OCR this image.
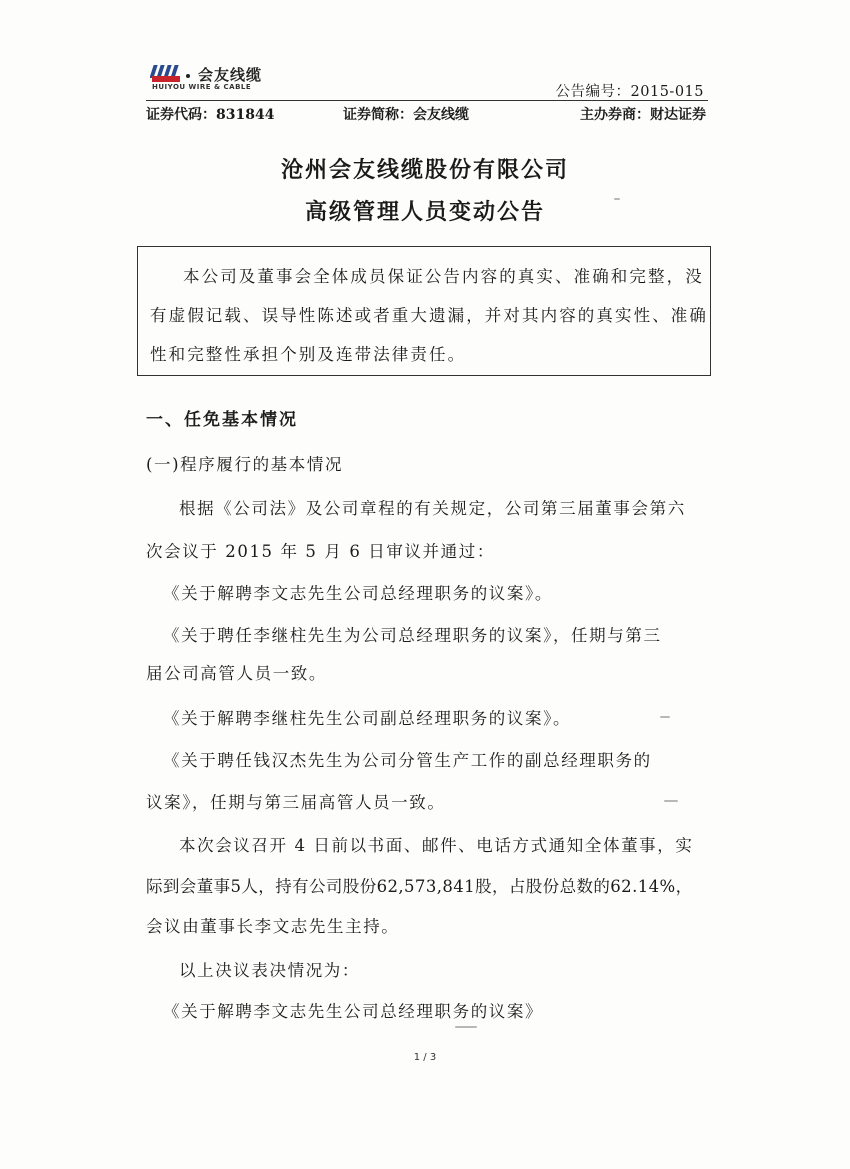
会友线缆
HUIYOU WIRE & CABLE	公告编号：2015-015
证券代码：831844	证券简称：会友线缆	主办券商：财达证券
沧州会友线缆股份有限公司
高级管理人员变动公告

本公司及董事会全体成员保证公告内容的真实、准确和完整，没
有虚假记载、误导性陈述或者重大遗漏，并对其内容的真实性、准确
性和完整性承担个别及连带法律责任。

一、任免基本情况
(一)程序履行的基本情况
根据《公司法》及公司章程的有关规定，公司第三届董事会第六
次会议于 2015 年 5 月 6 日审议并通过：
《关于解聘李文志先生公司总经理职务的议案》。
《关于聘任李继柱先生为公司总经理职务的议案》，任期与第三
届公司高管人员一致。
《关于解聘李继柱先生公司副总经理职务的议案》。
《关于聘任钱汉杰先生为公司分管生产工作的副总经理职务的
议案》，任期与第三届高管人员一致。
本次会议召开 4 日前以书面、邮件、电话方式通知全体董事，实
际到会董事5人，持有公司股份62,573,841股，占股份总数的62.14%，
会议由董事长李文志先生主持。
以上决议表决情况为：
《关于解聘李文志先生公司总经理职务的议案》
1 / 3
